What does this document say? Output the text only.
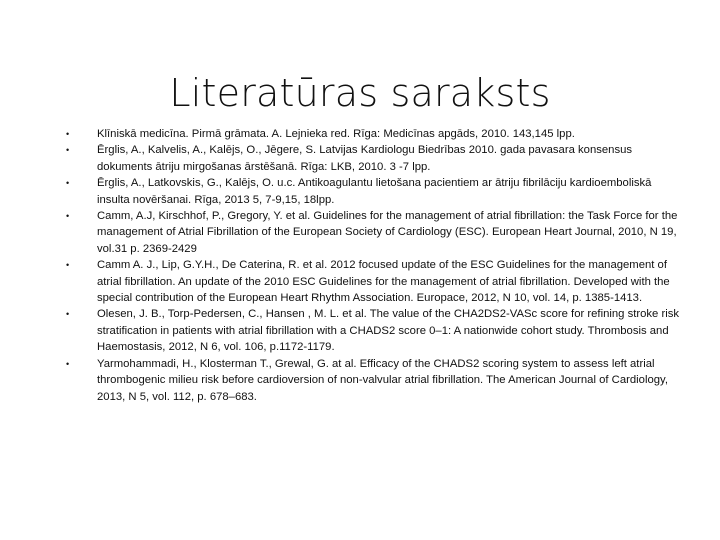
Literatūras saraksts
• Klīniskā medicīna. Pirmā grāmata. A. Lejnieka red. Rīga: Medicīnas apgāds, 2010. 143,145 lpp.
• Ērglis, A., Kalvelis, A., Kalējs, O., Jēgere, S. Latvijas Kardiologu Biedrības 2010. gada pavasara konsensus dokuments ātriju mirgošanas ārstēšanā. Rīga: LKB, 2010. 3 -7 lpp.
• Ērglis, A., Latkovskis, G., Kalējs, O. u.c. Antikoagulantu lietošana pacientiem ar ātriju fibrilāciju kardioemboliskā insulta novēršanai. Rīga, 2013 5, 7-9,15, 18lpp.
• Camm, A.J, Kirschhof, P., Gregory, Y. et al. Guidelines for the management of atrial fibrillation: the Task Force for the management of Atrial Fibrillation of the European Society of Cardiology (ESC). European Heart Journal, 2010, N 19, vol.31 p. 2369-2429
• Camm A. J., Lip, G.Y.H., De Caterina, R. et al. 2012 focused update of the ESC Guidelines for the management of atrial fibrillation. An update of the 2010 ESC Guidelines for the management of atrial fibrillation. Developed with the special contribution of the European Heart Rhythm Association. Europace, 2012, N 10, vol. 14, p. 1385-1413.
• Olesen, J. B., Torp-Pedersen, C., Hansen , M. L. et al. The value of the CHA2DS2-VASc score for refining stroke risk stratification in patients with atrial fibrillation with a CHADS2 score 0–1: A nationwide cohort study. Thrombosis and Haemostasis, 2012, N 6, vol. 106, p.1172-1179.
• Yarmohammadi, H., Klosterman T., Grewal, G. at al. Efficacy of the CHADS2 scoring system to assess left atrial thrombogenic milieu risk before cardioversion of non-valvular atrial fibrillation. The American Journal of Cardiology, 2013, N 5, vol. 112, p. 678–683.
